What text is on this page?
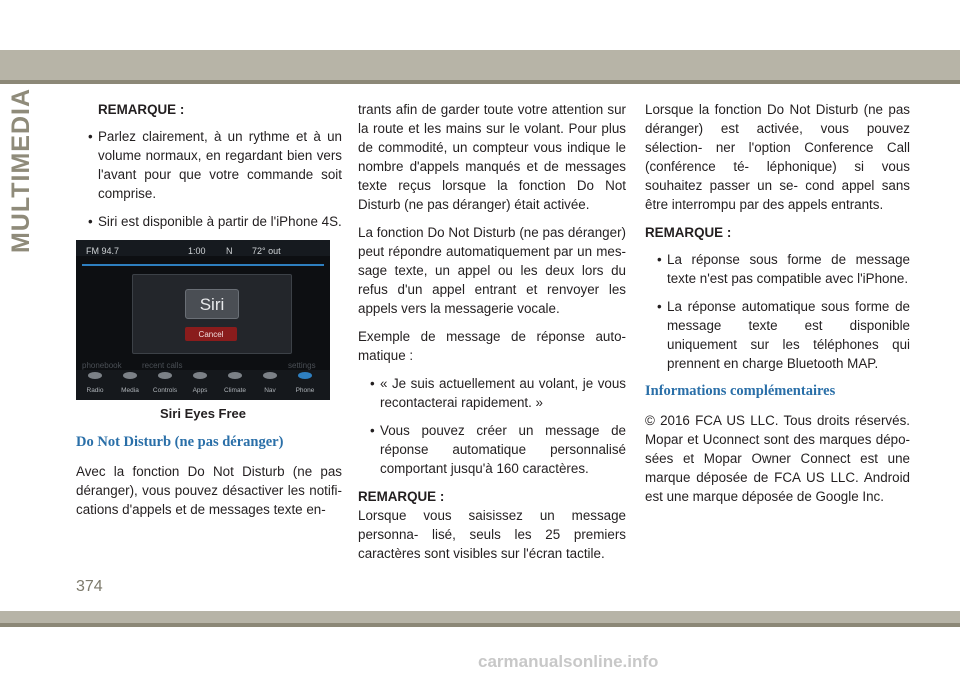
MULTIMEDIA	REMARQUE :

• Parlez clairement, à un rythme et à un volume normaux, en regardant bien vers l'avant pour que votre commande soit comprise.
• Siri est disponible à partir de l'iPhone 4S.
FM 94.7	1:00 N 72° out
phonebook	recent calls	settings
Siri
Cancel
Radio	Media Controls Apps	Climate	Nav	Phone
Siri Eyes Free
Do Not Disturb (ne pas déranger)

Avec la fonction Do Not Disturb (ne pas déranger), vous pouvez désactiver les notifi- cations d'appels et de messages texte en-

trants afin de garder toute votre attention sur la route et les mains sur le volant. Pour plus de commodité, un compteur vous indique le nombre d'appels manqués et de messages texte reçus lorsque la fonction Do Not Disturb (ne pas déranger) était activée.

La fonction Do Not Disturb (ne pas déranger) peut répondre automatiquement par un mes- sage texte, un appel ou les deux lors du refus d'un appel entrant et renvoyer les appels vers la messagerie vocale.

Exemple de message de réponse auto- matique :

• « Je suis actuellement au volant, je vous recontacterai rapidement. »
• Vous pouvez créer un message de réponse automatique personnalisé comportant jusqu'à 160 caractères.

REMARQUE :

Lorsque vous saisissez un message personna- lisé, seuls les 25 premiers caractères sont visibles sur l'écran tactile.

Lorsque la fonction Do Not Disturb (ne pas déranger) est activée, vous pouvez sélection- ner l'option Conference Call (conférence té- léphonique) si vous souhaitez passer un se- cond appel sans être interrompu par des appels entrants.

REMARQUE :

• La réponse sous forme de message texte n'est pas compatible avec l'iPhone.
• La réponse automatique sous forme de message texte est disponible uniquement sur les téléphones qui prennent en charge Bluetooth MAP.
Informations complémentaires

© 2016 FCA US LLC. Tous droits réservés. Mopar et Uconnect sont des marques dépo- sées et Mopar Owner Connect est une marque déposée de FCA US LLC. Android est une marque déposée de Google Inc.

374
carmanualsonline.info
